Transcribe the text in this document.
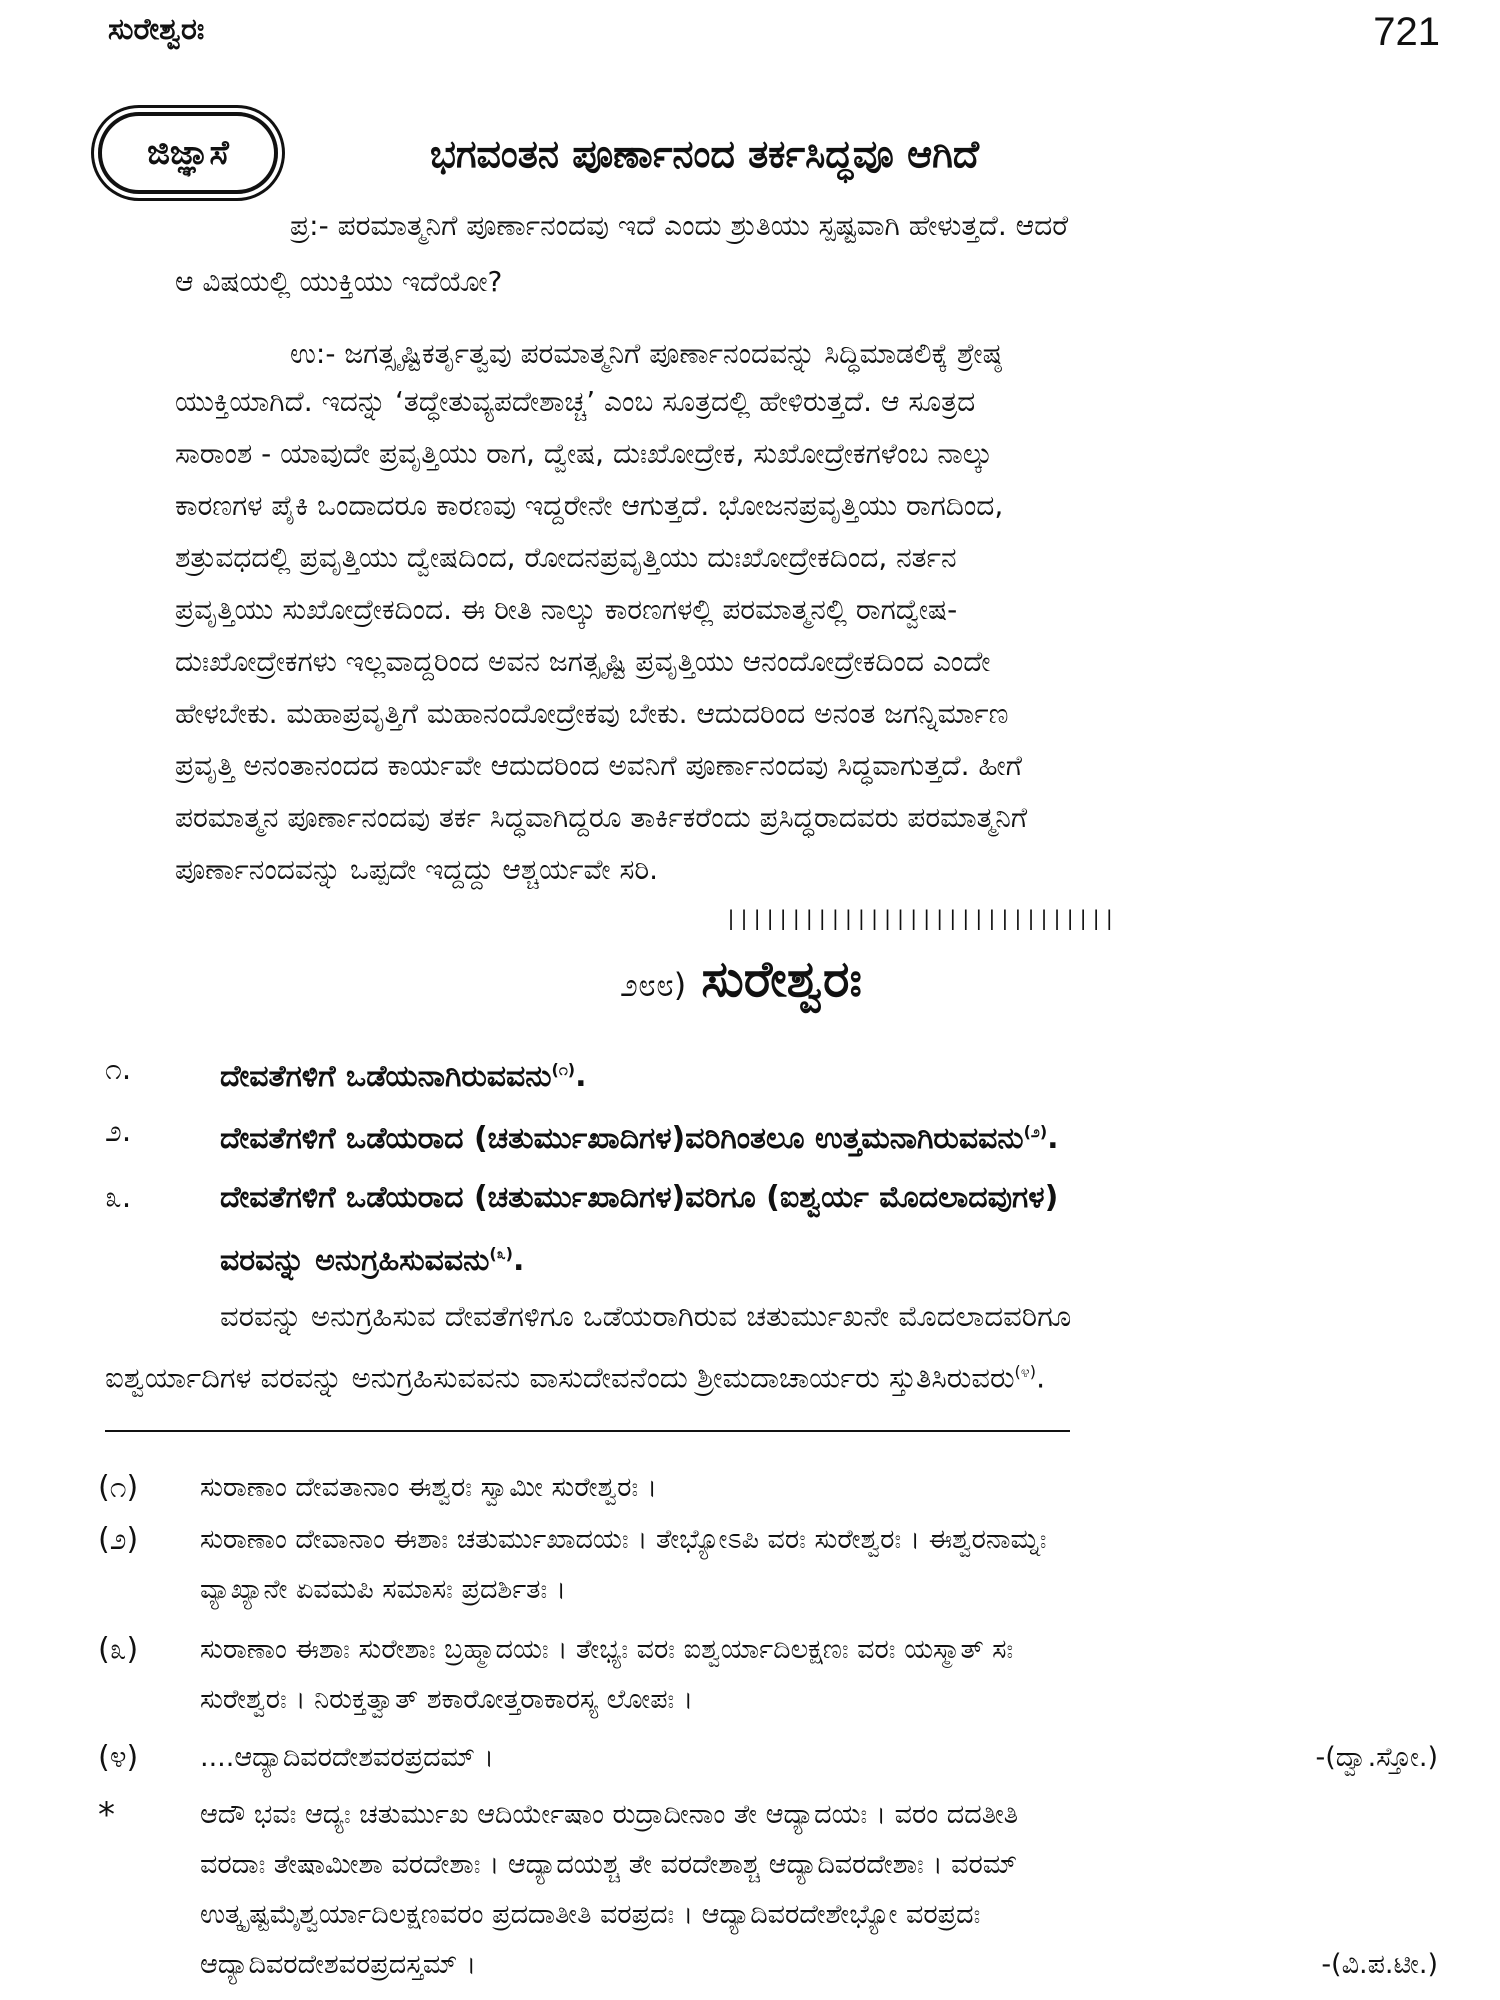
ಸುರೇಶ್ವರಃ	721
ಜಿಜ್ಞಾಸೆ	ಭಗವಂತನ ಪೂರ್ಣಾನಂದ ತರ್ಕಸಿದ್ಧವೂ ಆಗಿದೆ
ಪ್ರ:- ಪರಮಾತ್ಮನಿಗೆ ಪೂರ್ಣಾನಂದವು ಇದೆ ಎಂದು ಶ್ರುತಿಯು ಸ್ಪಷ್ಟವಾಗಿ ಹೇಳುತ್ತದೆ. ಆದರೆ
ಆ ವಿಷಯಲ್ಲಿ ಯುಕ್ತಿಯು ಇದೆಯೋ?
ಉ:- ಜಗತ್ಸೃಷ್ಟಿಕರ್ತೃತ್ವವು ಪರಮಾತ್ಮನಿಗೆ ಪೂರ್ಣಾನಂದವನ್ನು ಸಿದ್ಧಿಮಾಡಲಿಕ್ಕೆ ಶ್ರೇಷ್ಠ
ಯುಕ್ತಿಯಾಗಿದೆ. ಇದನ್ನು ‘ತದ್ಧೇತುವ್ಯಪದೇಶಾಚ್ಚ’ ಎಂಬ ಸೂತ್ರದಲ್ಲಿ ಹೇಳಿರುತ್ತದೆ. ಆ ಸೂತ್ರದ
ಸಾರಾಂಶ - ಯಾವುದೇ ಪ್ರವೃತ್ತಿಯು ರಾಗ, ದ್ವೇಷ, ದುಃಖೋದ್ರೇಕ, ಸುಖೋದ್ರೇಕಗಳೆಂಬ ನಾಲ್ಕು
ಕಾರಣಗಳ ಪೈಕಿ ಒಂದಾದರೂ ಕಾರಣವು ಇದ್ದರೇನೇ ಆಗುತ್ತದೆ. ಭೋಜನಪ್ರವೃತ್ತಿಯು ರಾಗದಿಂದ,
ಶತ್ರುವಧದಲ್ಲಿ ಪ್ರವೃತ್ತಿಯು ದ್ವೇಷದಿಂದ, ರೋದನಪ್ರವೃತ್ತಿಯು ದುಃಖೋದ್ರೇಕದಿಂದ, ನರ್ತನ
ಪ್ರವೃತ್ತಿಯು ಸುಖೋದ್ರೇಕದಿಂದ. ಈ ರೀತಿ ನಾಲ್ಕು ಕಾರಣಗಳಲ್ಲಿ ಪರಮಾತ್ಮನಲ್ಲಿ ರಾಗದ್ವೇಷ-
ದುಃಖೋದ್ರೇಕಗಳು ಇಲ್ಲವಾದ್ದರಿಂದ ಅವನ ಜಗತ್ಸೃಷ್ಟಿ ಪ್ರವೃತ್ತಿಯು ಆನಂದೋದ್ರೇಕದಿಂದ ಎಂದೇ
ಹೇಳಬೇಕು. ಮಹಾಪ್ರವೃತ್ತಿಗೆ ಮಹಾನಂದೋದ್ರೇಕವು ಬೇಕು. ಆದುದರಿಂದ ಅನಂತ ಜಗನ್ನಿರ್ಮಾಣ
ಪ್ರವೃತ್ತಿ ಅನಂತಾನಂದದ ಕಾರ್ಯವೇ ಆದುದರಿಂದ ಅವನಿಗೆ ಪೂರ್ಣಾನಂದವು ಸಿದ್ಧವಾಗುತ್ತದೆ. ಹೀಗೆ
ಪರಮಾತ್ಮನ ಪೂರ್ಣಾನಂದವು ತರ್ಕ ಸಿದ್ಧವಾಗಿದ್ದರೂ ತಾರ್ಕಿಕರೆಂದು ಪ್ರಸಿದ್ಧರಾದವರು ಪರಮಾತ್ಮನಿಗೆ
ಪೂರ್ಣಾನಂದವನ್ನು ಒಪ್ಪದೇ ಇದ್ದದ್ದು ಆಶ್ಚರ್ಯವೇ ಸರಿ.
||||||||||||||||||||||||||||||
೨೮೮) ಸುರೇಶ್ವರಃ
೧.	ದೇವತೆಗಳಿಗೆ ಒಡೆಯನಾಗಿರುವವನು$^{(೧)}$.
೨.	ದೇವತೆಗಳಿಗೆ ಒಡೆಯರಾದ (ಚತುರ್ಮುಖಾದಿಗಳ)ವರಿಗಿಂತಲೂ ಉತ್ತಮನಾಗಿರುವವನು$^{(೨)}$.
೩.	ದೇವತೆಗಳಿಗೆ ಒಡೆಯರಾದ (ಚತುರ್ಮುಖಾದಿಗಳ)ವರಿಗೂ (ಐಶ್ವರ್ಯ ಮೊದಲಾದವುಗಳ)
ವರವನ್ನು ಅನುಗ್ರಹಿಸುವವನು$^{(೩)}$.
ವರವನ್ನು ಅನುಗ್ರಹಿಸುವ ದೇವತೆಗಳಿಗೂ ಒಡೆಯರಾಗಿರುವ ಚತುರ್ಮುಖನೇ ಮೊದಲಾದವರಿಗೂ
ಐಶ್ವರ್ಯಾದಿಗಳ ವರವನ್ನು ಅನುಗ್ರಹಿಸುವವನು ವಾಸುದೇವನೆಂದು ಶ್ರೀಮದಾಚಾರ್ಯರು ಸ್ತುತಿಸಿರುವರು$^{(೪)}$.
(೧) ಸುರಾಣಾಂ ದೇವತಾನಾಂ ಈಶ್ವರಃ ಸ್ವಾಮೀ ಸುರೇಶ್ವರಃ ।
(೨) ಸುರಾಣಾಂ ದೇವಾನಾಂ ಈಶಾಃ ಚತುರ್ಮುಖಾದಯಃ । ತೇಭ್ಯೋಽಪಿ ವರಃ ಸುರೇಶ್ವರಃ । ಈಶ್ವರನಾಮ್ನಃ
ವ್ಯಾಖ್ಯಾನೇ ಏವಮಪಿ ಸಮಾಸಃ ಪ್ರದರ್ಶಿತಃ ।
(೩) ಸುರಾಣಾಂ ಈಶಾಃ ಸುರೇಶಾಃ ಬ್ರಹ್ಮಾದಯಃ । ತೇಭ್ಯಃ ವರಃ ಐಶ್ವರ್ಯಾದಿಲಕ್ಷಣಃ ವರಃ ಯಸ್ಮಾತ್ ಸಃ
ಸುರೇಶ್ವರಃ । ನಿರುಕ್ತತ್ವಾತ್ ಶಕಾರೋತ್ತರಾಕಾರಸ್ಯ ಲೋಪಃ ।
(೪) ....ಆದ್ಯಾದಿವರದೇಶವರಪ್ರದಮ್ ।	-(ದ್ವಾ.ಸ್ತೋ.)
*	ಆದೌ ಭವಃ ಆದ್ಯಃ ಚತುರ್ಮುಖ ಆದಿರ್ಯೇಷಾಂ ರುದ್ರಾದೀನಾಂ ತೇ ಆದ್ಯಾದಯಃ । ವರಂ ದದತೀತಿ
ವರದಾಃ ತೇಷಾಮೀಶಾ ವರದೇಶಾಃ । ಆದ್ಯಾದಯಶ್ಚ ತೇ ವರದೇಶಾಶ್ಚ ಆದ್ಯಾದಿವರದೇಶಾಃ । ವರಮ್
ಉತ್ಕೃಷ್ಟಮೈಶ್ವರ್ಯಾದಿಲಕ್ಷಣವರಂ ಪ್ರದದಾತೀತಿ ವರಪ್ರದಃ । ಆದ್ಯಾದಿವರದೇಶೇಭ್ಯೋ ವರಪ್ರದಃ
ಆದ್ಯಾದಿವರದೇಶವರಪ್ರದಸ್ತಮ್ ।	-(ವಿ.ಪ.ಟೀ.)
